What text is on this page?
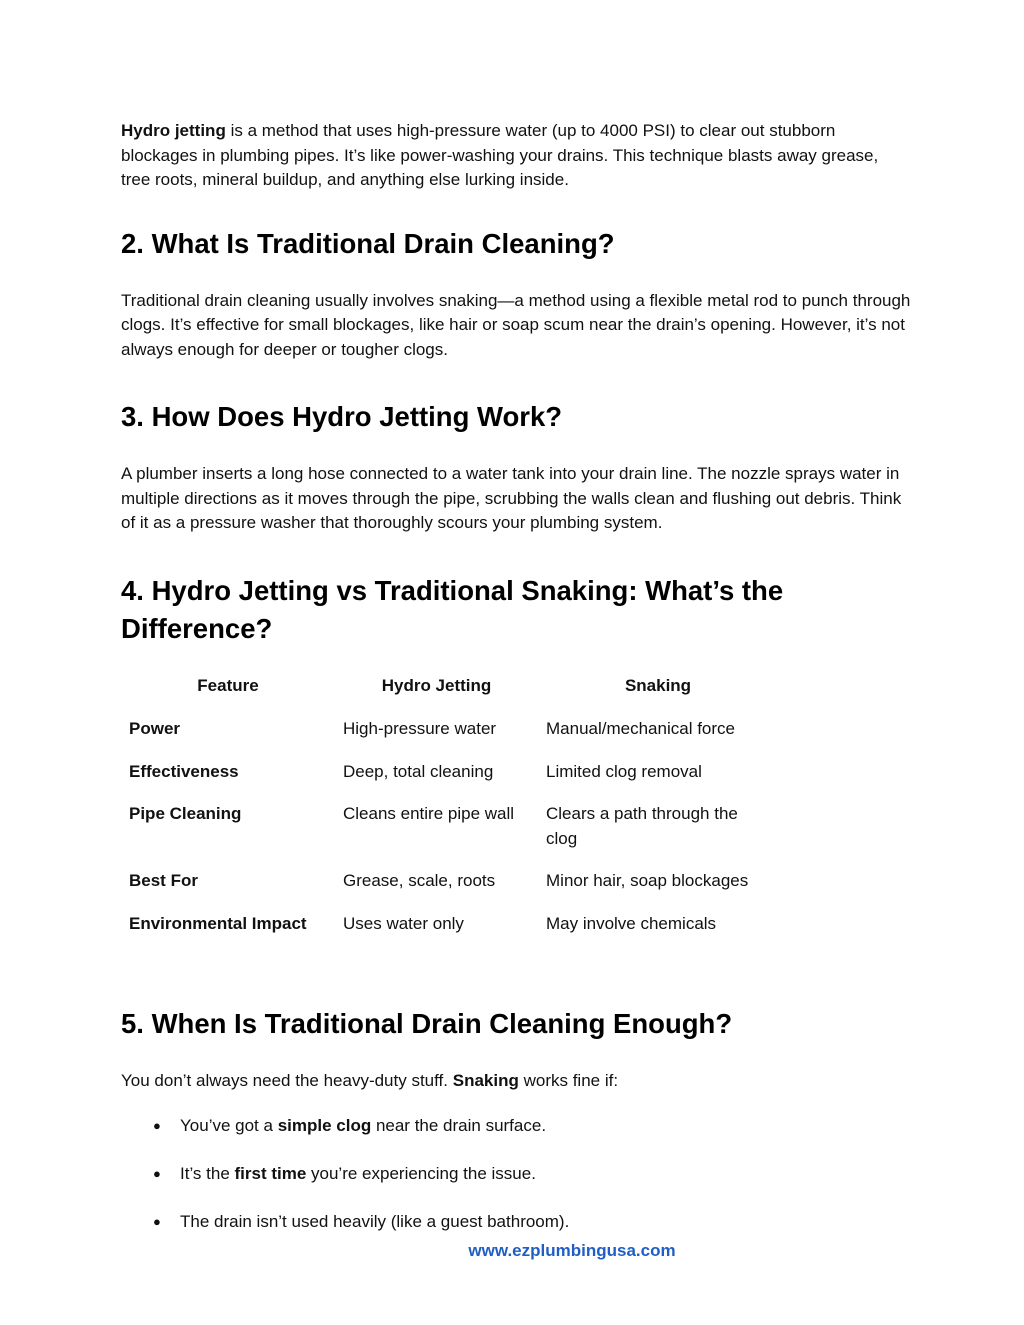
Hydro jetting is a method that uses high-pressure water (up to 4000 PSI) to clear out stubborn blockages in plumbing pipes. It’s like power-washing your drains. This technique blasts away grease, tree roots, mineral buildup, and anything else lurking inside.

2. What Is Traditional Drain Cleaning?

Traditional drain cleaning usually involves snaking—a method using a flexible metal rod to punch through clogs. It’s effective for small blockages, like hair or soap scum near the drain’s opening. However, it’s not always enough for deeper or tougher clogs.

3. How Does Hydro Jetting Work?

A plumber inserts a long hose connected to a water tank into your drain line. The nozzle sprays water in multiple directions as it moves through the pipe, scrubbing the walls clean and flushing out debris. Think of it as a pressure washer that thoroughly scours your plumbing system.

4. Hydro Jetting vs Traditional Snaking: What’s the Difference?
Feature	Hydro Jetting	Snaking
Power	High-pressure water	Manual/mechanical force
Effectiveness	Deep, total cleaning	Limited clog removal
Pipe Cleaning	Cleans entire pipe wall	Clears a path through the clog
Best For	Grease, scale, roots	Minor hair, soap blockages
Environmental Impact	Uses water only	May involve chemicals
5. When Is Traditional Drain Cleaning Enough?

You don’t always need the heavy-duty stuff. Snaking works fine if:

● You’ve got a simple clog near the drain surface.
● It’s the first time you’re experiencing the issue.
● The drain isn’t used heavily (like a guest bathroom).
www.ezplumbingusa.com
